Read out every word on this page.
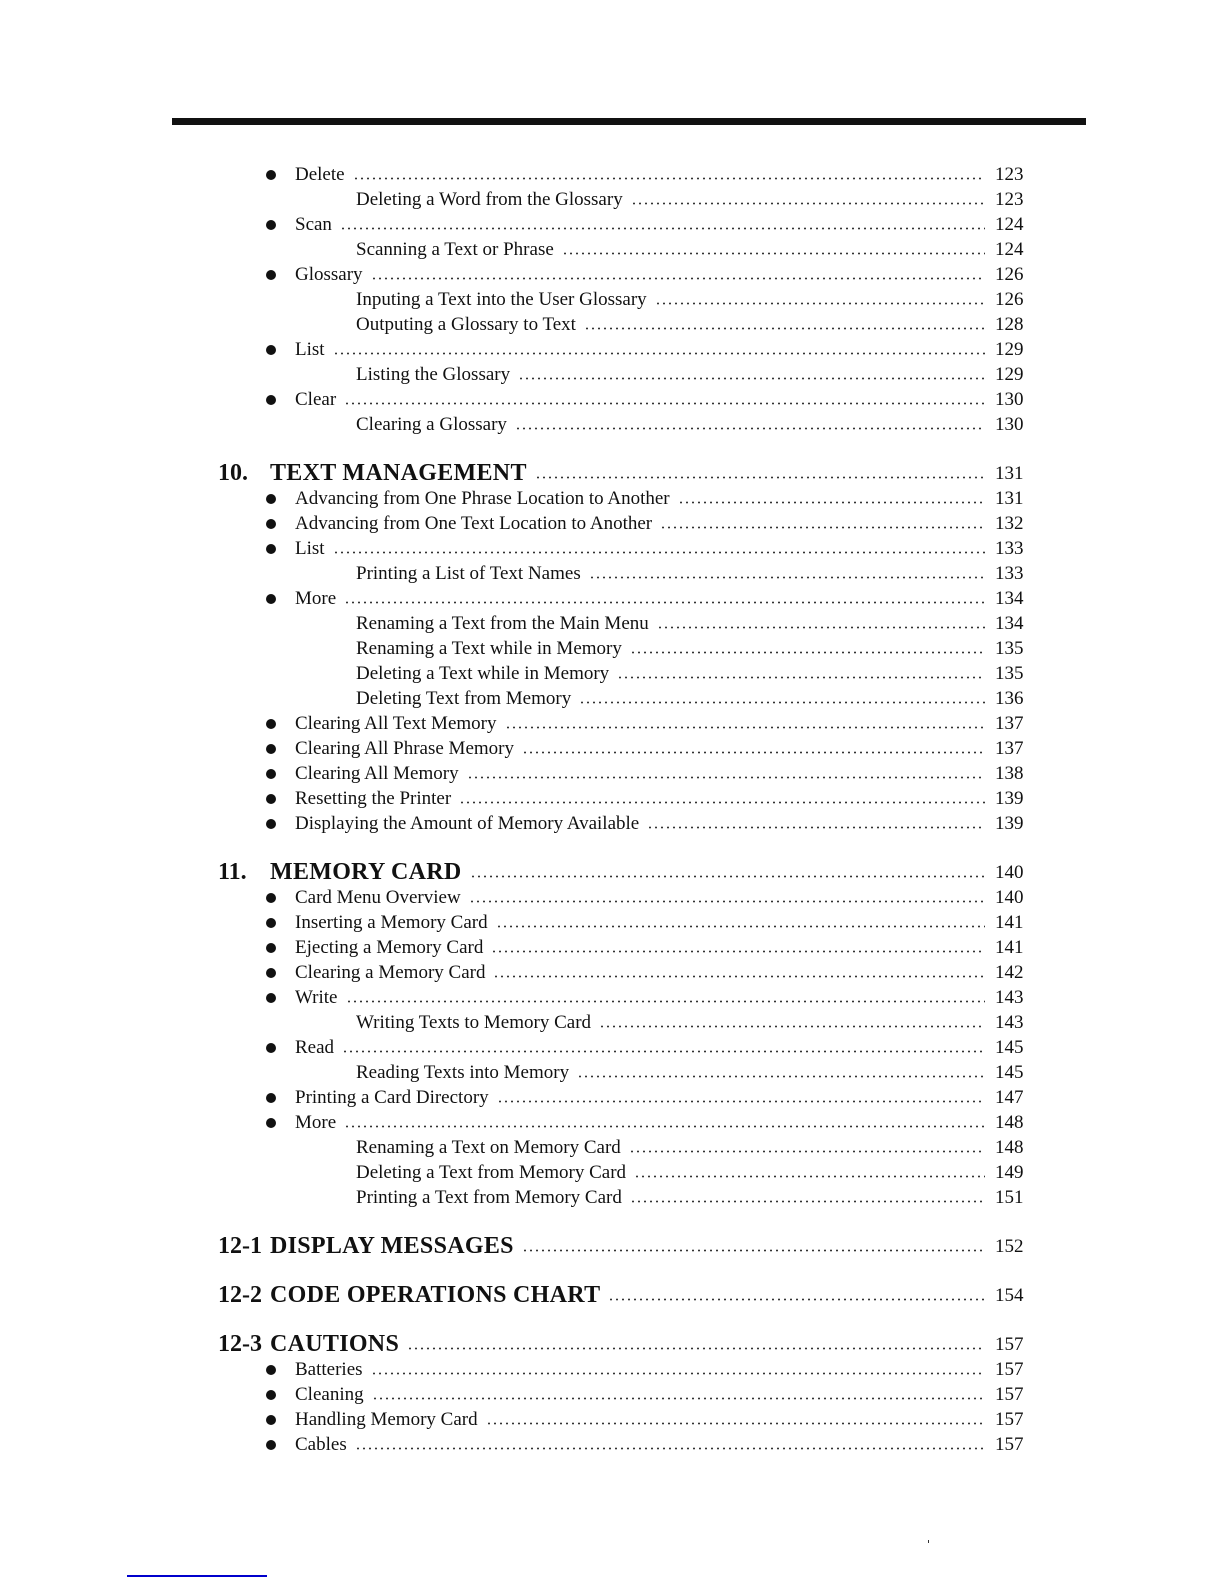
Delete	123
Deleting a Word from the Glossary	123
Scan	124
Scanning a Text or Phrase	124
Glossary	126
Inputing a Text into the User Glossary	126
Outputing a Glossary to Text	128
List	129
Listing the Glossary	129
Clear	130
Clearing a Glossary	130
10. TEXT MANAGEMENT	131
Advancing from One Phrase Location to Another	131
Advancing from One Text Location to Another	132
List	133
Printing a List of Text Names	133
More	134
Renaming a Text from the Main Menu	134
Renaming a Text while in Memory	135
Deleting a Text while in Memory	135
Deleting Text from Memory	136
Clearing All Text Memory	137
Clearing All Phrase Memory	137
Clearing All Memory	138
Resetting the Printer	139
Displaying the Amount of Memory Available	139
11. MEMORY CARD	140
Card Menu Overview	140
Inserting a Memory Card	141
Ejecting a Memory Card	141
Clearing a Memory Card	142
Write	143
Writing Texts to Memory Card	143
Read	145
Reading Texts into Memory	145
Printing a Card Directory	147
More	148
Renaming a Text on Memory Card	148
Deleting a Text from Memory Card	149
Printing a Text from Memory Card	151
12-1 DISPLAY MESSAGES	152
12-2 CODE OPERATIONS CHART	154
12-3 CAUTIONS	157
Batteries	157
Cleaning	157
Handling Memory Card	157
Cables	157
